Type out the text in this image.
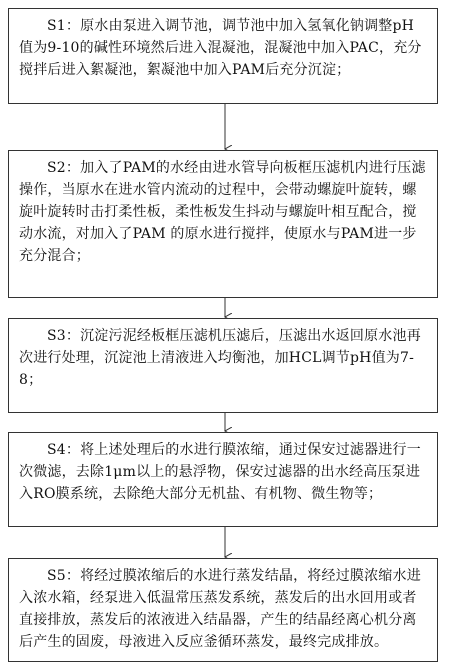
S1：原水由泵进入调节池，调节池中加入氢氧化钠调整pH值为9-10的碱性环境然后进入混凝池，混凝池中加入PAC，充分搅拌后进入絮凝池，絮凝池中加入PAM后充分沉淀；
S2：加入了PAM的水经由进水管导向板框压滤机内进行压滤操作，当原水在进水管内流动的过程中，会带动螺旋叶旋转，螺旋叶旋转时击打柔性板，柔性板发生抖动与螺旋叶相互配合，搅动水流，对加入了PAM 的原水进行搅拌，使原水与PAM进一步充分混合；
S3：沉淀污泥经板框压滤机压滤后，压滤出水返回原水池再次进行处理，沉淀池上清液进入均衡池，加HCL调节pH值为7-8；
S4：将上述处理后的水进行膜浓缩，通过保安过滤器进行一次微滤，去除1μm以上的悬浮物，保安过滤器的出水经高压泵进入RO膜系统，去除绝大部分无机盐、有机物、微生物等；
S5：将经过膜浓缩后的水进行蒸发结晶，将经过膜浓缩水进入浓水箱，经泵进入低温常压蒸发系统，蒸发后的出水回用或者直接排放，蒸发后的浓液进入结晶器，产生的结晶经离心机分离后产生的固废，母液进入反应釜循环蒸发，最终完成排放。
